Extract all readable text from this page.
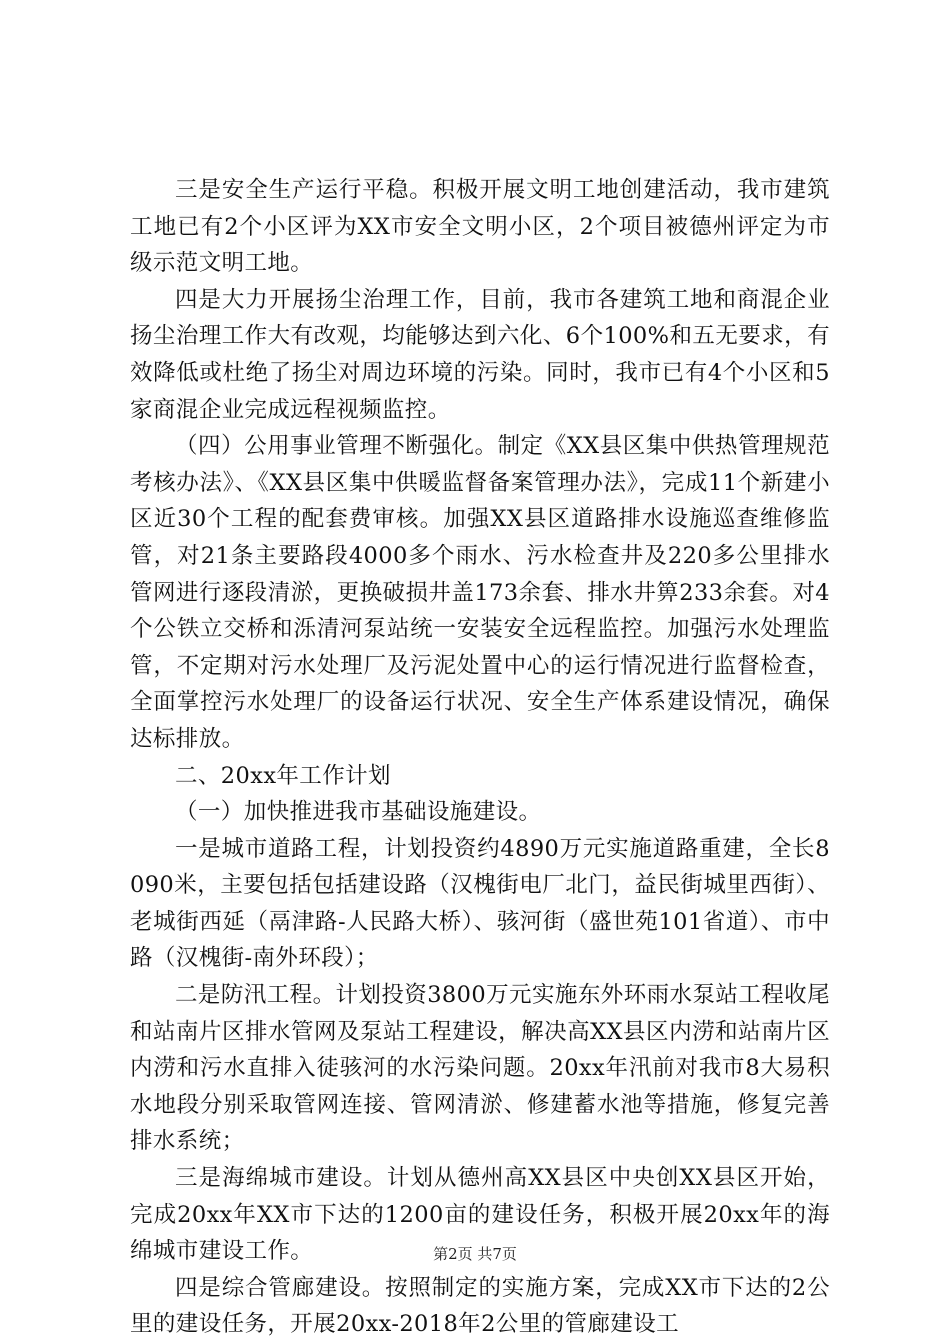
三是安全生产运行平稳。积极开展文明工地创建活动，我市建筑工地已有2个小区评为XX市安全文明小区，2个项目被德州评定为市级示范文明工地。

四是大力开展扬尘治理工作，目前，我市各建筑工地和商混企业扬尘治理工作大有改观，均能够达到六化、6个100%和五无要求，有效降低或杜绝了扬尘对周边环境的污染。同时，我市已有4个小区和5家商混企业完成远程视频监控。

（四）公用事业管理不断强化。制定《XX县区集中供热管理规范考核办法》、《XX县区集中供暖监督备案管理办法》，完成11个新建小区近30个工程的配套费审核。加强XX县区道路排水设施巡查维修监管，对21条主要路段4000多个雨水、污水检查井及220多公里排水管网进行逐段清淤，更换破损井盖173余套、排水井箅233余套。对4个公铁立交桥和泺清河泵站统一安装安全远程监控。加强污水处理监管，不定期对污水处理厂及污泥处置中心的运行情况进行监督检查，全面掌控污水处理厂的设备运行状况、安全生产体系建设情况，确保达标排放。

二、20xx年工作计划

（一）加快推进我市基础设施建设。

一是城市道路工程，计划投资约4890万元实施道路重建，全长8090米，主要包括包括建设路（汉槐街电厂北门，益民街城里西街）、老城街西延（鬲津路-人民路大桥）、骇河街（盛世苑101省道）、市中路（汉槐街-南外环段）；

二是防汛工程。计划投资3800万元实施东外环雨水泵站工程收尾和站南片区排水管网及泵站工程建设，解决高XX县区内涝和站南片区内涝和污水直排入徒骇河的水污染问题。20xx年汛前对我市8大易积水地段分别采取管网连接、管网清淤、修建蓄水池等措施，修复完善排水系统；

三是海绵城市建设。计划从德州高XX县区中央创XX县区开始，完成20xx年XX市下达的1200亩的建设任务，积极开展20xx年的海绵城市建设工作。

四是综合管廊建设。按照制定的实施方案，完成XX市下达的2公里的建设任务，开展20xx-2018年2公里的管廊建设工

第2页 共7页
